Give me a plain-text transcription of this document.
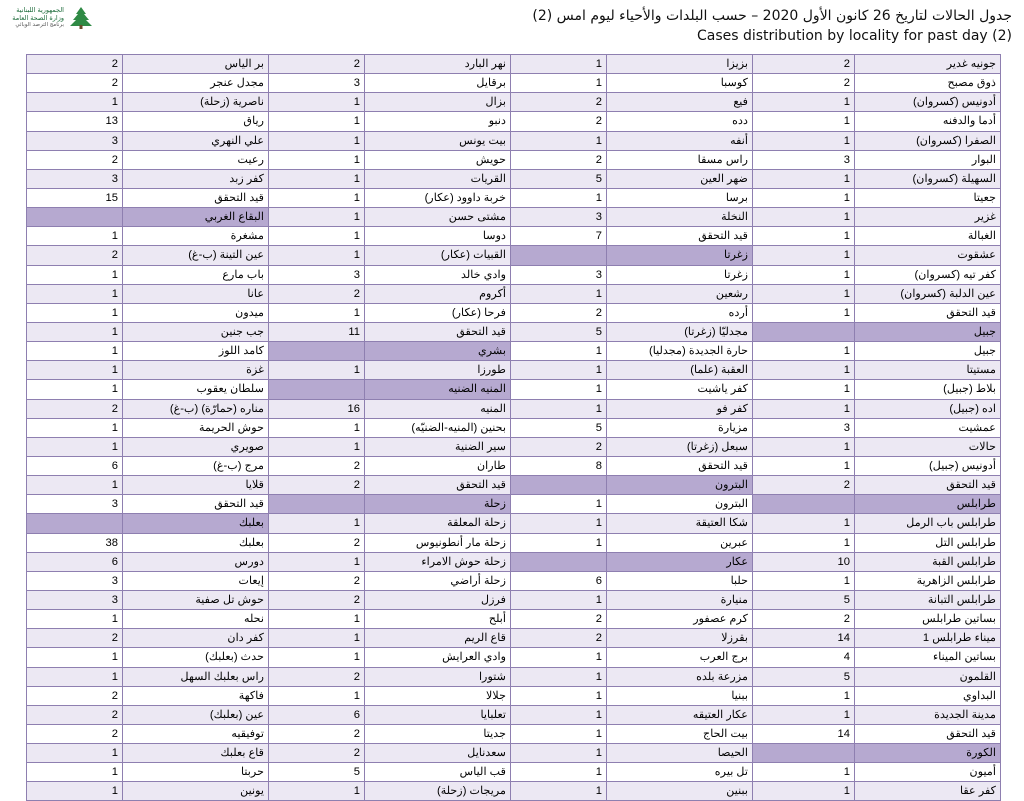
الجمهورية اللبنانية
وزارة الصحة العامة
برنامج الترصد الوبائي
جدول الحالات لتاريخ 26 كانون الأول 2020 – حسب البلدات والأحياء ليوم امس (2)
Cases distribution by locality for past day (2)
2	بر الياس	2	نهر البارد	1	بزيزا	2	جونيه غدير
2	مجدل عنجر	3	برقايل	1	كوسبا	2	ذوق مصبح
1	ناصرية (زحلة)	1	بزال	2	فيع	1	أدونيس (كسروان)
13	رياق	1	دنبو	2	دده	1	أدما والدفنه
3	علي النهري	1	بيت يونس	1	أنفه	1	الصفرا (كسروان)
2	رعيت	1	حويش	2	راس مسقا	3	البوار
3	كفر زبد	1	القريات	5	ضهر العين	1	السهيلة (كسروان)
15	قيد التحقق	1	خربة داوود (عكار)	1	برسا	1	جعيتا
	البقاع الغربي	1	مشتى حسن	3	النخلة	1	غزير
1	مشغرة	1	دوسا	7	قيد التحقق	1	الغبالة
2	عين التينة (ب-غ)	1	القبيات (عكار)		زغرتا	1	عشقوت
1	باب مارع	3	وادي خالد	3	زغرتا	1	كفر تيه (كسروان)
1	عانا	2	أكروم	1	رشعين	1	عين الدلبة (كسروان)
1	ميدون	1	فرحا (عكار)	2	أرده	1	قيد التحقق
1	جب جنين	11	قيد التحقق	5	مجدليّا (زغرتا)		جبيل
1	كامد اللوز		بشري	1	حارة الجديدة (مجدليا)	1	جبيل
1	غزة	1	طورزا	1	العقبة (علما)	1	مستيتا
1	سلطان يعقوب		المنيه الضنيه	1	كفر ياشيت	1	بلاط (جبيل)
2	مناره (حمارّة) (ب-غ)	16	المنيه	1	كفر فو	1	اده (جبيل)
1	حوش الحريمة	1	بحنين (المنيه-الضنيّه)	5	مزيارة	3	عمشيت
1	صويري	1	سير الضنية	2	سبعل (زغرتا)	1	حالات
6	مرج (ب-غ)	2	طاران	8	قيد التحقق	1	أدونيس (جبيل)
1	قلايا	2	قيد التحقق		البترون	2	قيد التحقق
3	قيد التحقق		زحلة	1	البترون		طرابلس
	بعلبك	1	زحلة المعلقة	1	شكا العتيقة	1	طرابلس باب الرمل
38	بعلبك	2	زحلة مار أنطونيوس	1	عبرين	1	طرابلس التل
6	دورس	1	زحلة حوش الامراء		عكار	10	طرابلس القبة
3	إيعات	2	زحلة أراضي	6	حلبا	1	طرابلس الزاهرية
3	حوش تل صفية	2	فرزل	1	منيارة	5	طرابلس التبانة
1	نحله	1	أبلح	2	كرم عصفور	2	بساتين طرابلس
2	كفر دان	1	قاع الريم	2	بقرزلا	14	ميناء طرابلس 1
1	حدث (بعلبك)	1	وادي العرايش	1	برج العرب	4	بساتين الميناء
1	راس بعلبك السهل	2	شتورا	1	مزرعة بلده	5	القلمون
2	فاكهة	1	جلالا	1	ببنيا	1	البداوي
2	عين (بعلبك)	6	تعلبايا	1	عكار العتيقه	1	مدينة الجديدة
2	توفيقيه	2	جديتا	1	بيت الحاج	14	قيد التحقق
1	قاع بعلبك	2	سعدنايل	1	الحيصا		الكورة
1	حربتا	5	قب الياس	1	تل بيره	1	أميون
1	يونين	1	مريجات (زحلة)	1	ببنين	1	كفر عقا
